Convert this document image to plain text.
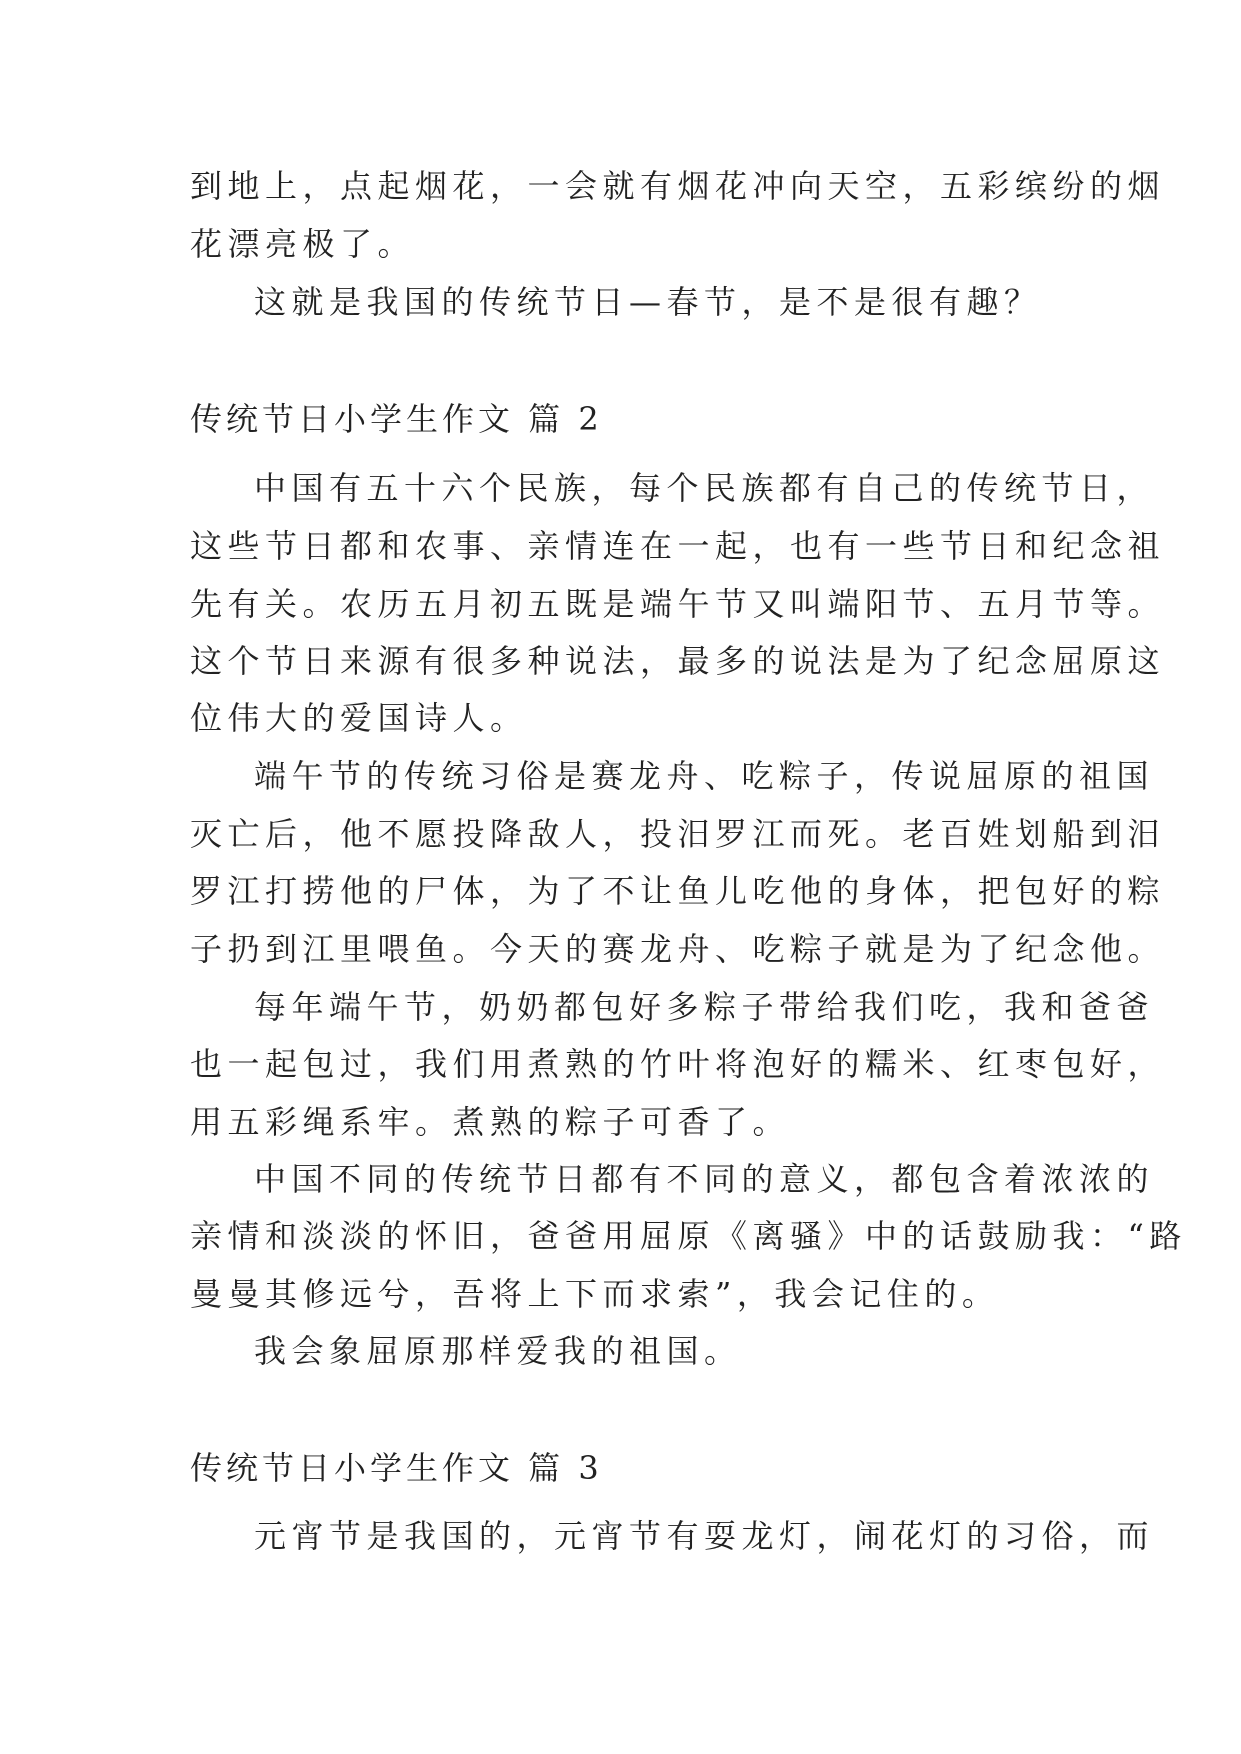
到地上，点起烟花，一会就有烟花冲向天空，五彩缤纷的烟

花漂亮极了。

这就是我国的传统节日—春节，是不是很有趣？

传统节日小学生作文 篇 2

中国有五十六个民族，每个民族都有自己的传统节日，

这些节日都和农事、亲情连在一起，也有一些节日和纪念祖

先有关。农历五月初五既是端午节又叫端阳节、五月节等。

这个节日来源有很多种说法，最多的说法是为了纪念屈原这

位伟大的爱国诗人。

端午节的传统习俗是赛龙舟、吃粽子，传说屈原的祖国

灭亡后，他不愿投降敌人，投汨罗江而死。老百姓划船到汨

罗江打捞他的尸体，为了不让鱼儿吃他的身体，把包好的粽

子扔到江里喂鱼。今天的赛龙舟、吃粽子就是为了纪念他。

每年端午节，奶奶都包好多粽子带给我们吃，我和爸爸

也一起包过，我们用煮熟的竹叶将泡好的糯米、红枣包好，

用五彩绳系牢。煮熟的粽子可香了。

中国不同的传统节日都有不同的意义，都包含着浓浓的

亲情和淡淡的怀旧，爸爸用屈原《离骚》中的话鼓励我：“路

曼曼其修远兮，吾将上下而求索”，我会记住的。

我会象屈原那样爱我的祖国。

传统节日小学生作文 篇 3

元宵节是我国的，元宵节有耍龙灯，闹花灯的习俗，而
